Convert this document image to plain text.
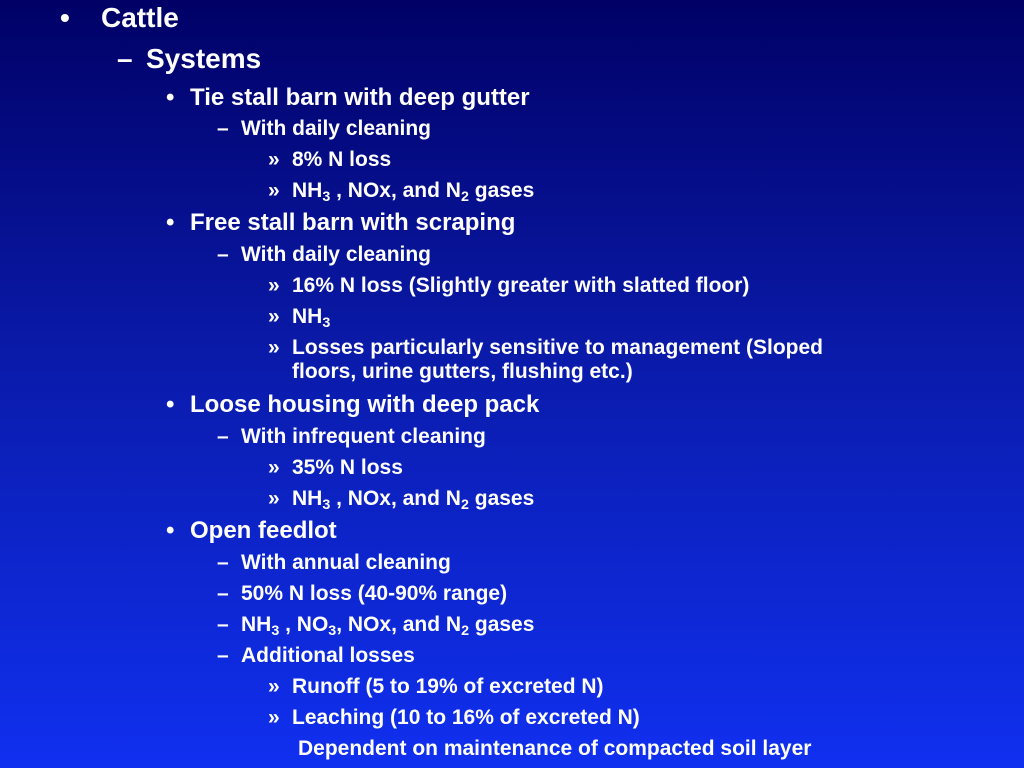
• Cattle
– Systems
• Tie stall barn with deep gutter
– With daily cleaning
» 8% N loss
» $NH_3$ , NOx, and $N_2$ gases
• Free stall barn with scraping
– With daily cleaning
» 16% N loss (Slightly greater with slatted floor)
» $NH_3$
» Losses particularly sensitive to management (Sloped
floors, urine gutters, flushing etc.)
• Loose housing with deep pack
– With infrequent cleaning
» 35% N loss
» $NH_3$ , NOx, and $N_2$ gases
• Open feedlot
– With annual cleaning
– 50% N loss (40-90% range)
– $NH_3$ , $NO_3$, NOx, and $N_2$ gases
– Additional losses
» Runoff (5 to 19% of excreted N)
» Leaching (10 to 16% of excreted N)
Dependent on maintenance of compacted soil layer
